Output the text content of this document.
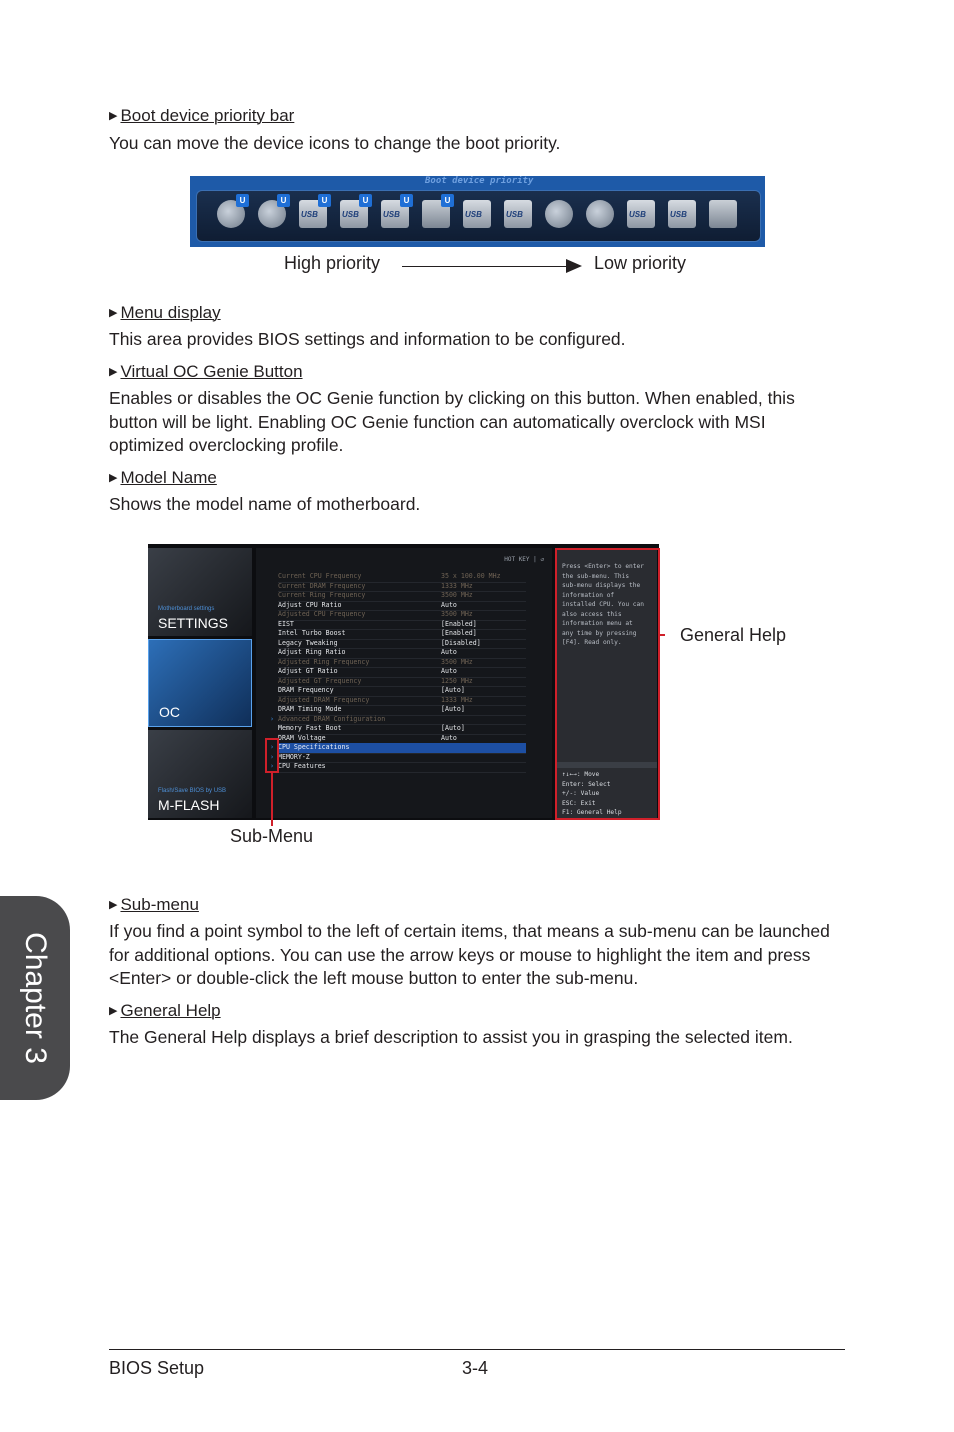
Chapter 3
▶ Boot device priority bar
You can move the device icons to change the boot priority.
Boot device priority
U	U
USB
U
USB
U
USB
U	U
USB	USB	USB	USB
High priority	Low priority
▶ Menu display
This area provides BIOS settings and information to be configured.
▶ Virtual OC Genie Button
Enables or disables the OC Genie function by clicking on this button. When enabled, this button will be light. Enabling OC Genie function can automatically overclock with MSI optimized overclocking profile.
▶ Model Name
Shows the model name of motherboard.
Motherboard settings
SETTINGS
OC
Flash/Save BIOS by USB
M-FLASH
HOT KEY | ↺
Current CPU Frequency	35 x 100.00 MHz
Current DRAM Frequency	1333 MHz
Current Ring Frequency	3500 MHz
Adjust CPU Ratio	Auto
Adjusted CPU Frequency	3500 MHz
EIST	[Enabled]
Intel Turbo Boost	[Enabled]
Legacy Tweaking	[Disabled]
Adjust Ring Ratio	Auto
Adjusted Ring Frequency	3500 MHz
Adjust GT Ratio	Auto
Adjusted GT Frequency	1250 MHz
DRAM Frequency	[Auto]
Adjusted DRAM Frequency	1333 MHz
DRAM Timing Mode	[Auto]
› Advanced DRAM Configuration
Memory Fast Boot	[Auto]
DRAM Voltage	Auto
› CPU Specifications
› MEMORY-Z
› CPU Features
Press <Enter> to enter the sub-menu. This sub-menu displays the information of installed CPU. You can also access this information menu at any time by pressing [F4]. Read only.
↑↓←→: Move
Enter: Select
+/-: Value
ESC: Exit
F1: General Help
General Help
Sub-Menu
▶ Sub-menu
If you find a point symbol to the left of certain items, that means a sub-menu can be launched for additional options. You can use the arrow keys or mouse to highlight the item and press <Enter> or double-click the left mouse button to enter the sub-menu.
▶ General Help
The General Help displays a brief description to assist you in grasping the selected item.
BIOS Setup	3-4
